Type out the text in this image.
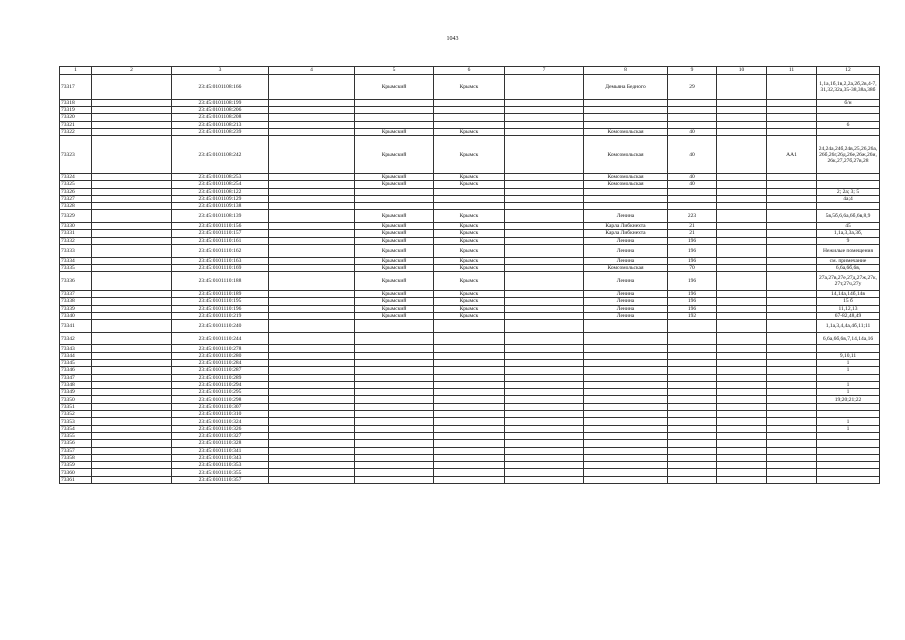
1043
1	2	3	4	5	6	7	8	9	10	11	12
73317		23:45:0101108:166		Крымский	Крымск		Демьяна Бедного	29			1,1а,1б,1в,2,2а,2б,2в,4-7,31,32,32а,35-38,38а,38б
73318		23:45:0101108:199									б/н
73319		23:45:0101108:206									
73320		23:45:0101108:208									
73321		23:45:0101108:213									6
73322		23:45:0101108:239		Крымский	Крымск		Комсомольская	40			
73323		23:45:0101108:242		Крымский	Крымск		Комсомольская	40		АА1	24,24а,24б,24в,25,26,26а,26б,26г,26д,26е,26ж,26и,26к,27,27б,27в,28
73324		23:45:0101108:253		Крымский	Крымск		Комсомольская	40			
73325		23:45:0101108:254		Крымский	Крымск		Комсомольская	40			
73326		23:45:0101108:122									2; 2а; 3; 5
73327		23:45:0101109:129									4а;4
73328		23:45:0101109:138									
73329		23:45:0101108:139		Крымский	Крымск		Ленина	223			5в,5б,6,6а,6б,6в,8,9
73330		23:45:0101110:156		Крымский	Крымск		Карла Либкнехта	21			45
73331		23:45:0101110:157		Крымский	Крымск		Карла Либкнехта	21			1,1а,3,3а,3б,
73332		23:45:0101110:161		Крымский	Крымск		Ленина	196			9
73333		23:45:0101110:162		Крымский	Крымск		Ленина	196			Нежилые помещения
73334		23:45:0101110:163		Крымский	Крымск		Ленина	196			см. примечание
73335		23:45:0101110:169		Крымский	Крымск		Комсомольская	70			6,6а,6б,6в,
73336		23:45:0101110:188		Крымский	Крымск		Ленина	196			27а,27в,27е,27д,27ж,27к,27т,27ч,27у
73337		23:45:0101110:189		Крымский	Крымск		Ленина	196			14,14а,14б,14в
73338		23:45:0101110:195		Крымский	Крымск		Ленина	196			15 б
73339		23:45:0101110:196		Крымский	Крымск		Ленина	196			11,12,13
73340		23:45:0101110:219		Крымский	Крымск		Ленина	192			67-82,48,49
73341		23:45:0101110:240									1,1а,3,4,4а,4б,11;11
73342		23:45:0101110:244									6,6а,6б,6в,7,14,14а,16
73343		23:45:0101110:278									
73344		23:45:0101110:280									9,10,11
73345		23:45:0101110:284									1
73346		23:45:0101110:287									1
73347		23:45:0101110:289									
73348		23:45:0101110:294									1
73349		23:45:0101110:295									1
73350		23:45:0101110:298									19;20;21;22
73351		23:45:0101110:307									
73352		23:45:0101110:310									
73353		23:45:0101110:324									1
73354		23:45:0101110:326									1
73355		23:45:0101110:327									
73356		23:45:0101110:328									
73357		23:45:0101110:341									
73358		23:45:0101110:343									
73359		23:45:0101110:353									
73360		23:45:0101110:355									
73361		23:45:0101110:357									
